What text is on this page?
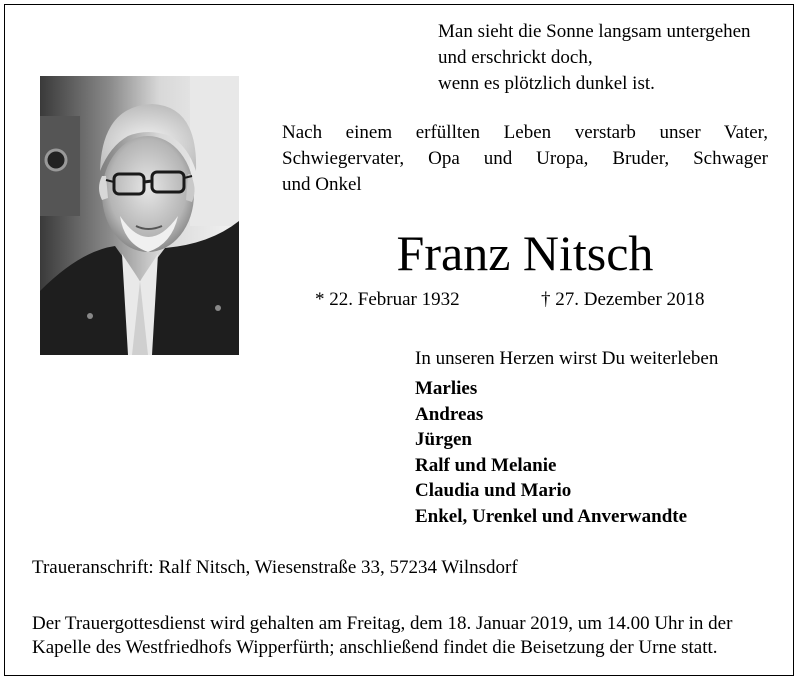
Man sieht die Sonne langsam untergehen
und erschrickt doch,
wenn es plötzlich dunkel ist.
Nach einem erfüllten Leben verstarb unser Vater,
Schwiegervater, Opa und Uropa, Bruder, Schwager
und Onkel
Franz Nitsch
* 22. Februar 1932	† 27. Dezember 2018
In unseren Herzen wirst Du weiterleben
Marlies
Andreas
Jürgen
Ralf und Melanie
Claudia und Mario
Enkel, Urenkel und Anverwandte
Traueranschrift: Ralf Nitsch, Wiesenstraße 33, 57234 Wilnsdorf
Der Trauergottesdienst wird gehalten am Freitag, dem 18. Januar 2019, um 14.00 Uhr in der
Kapelle des Westfriedhofs Wipperfürth; anschließend findet die Beisetzung der Urne statt.
